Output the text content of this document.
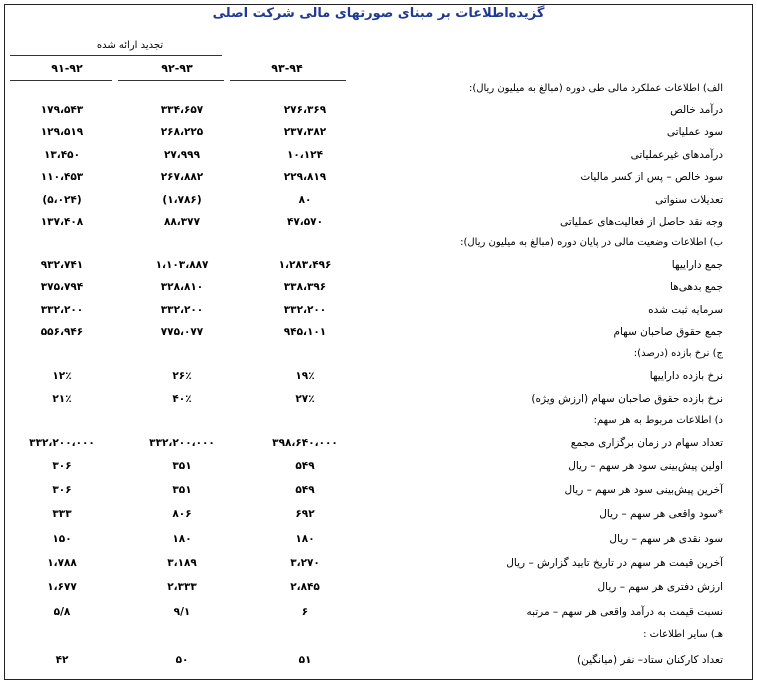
گزیده‌اطلاعات بر مبنای صورتهای مالی شرکت اصلی
تجدید ارائه شده
۹۳-۹۴
۹۲-۹۳
۹۱-۹۲
الف) اطلاعات عملکرد مالی طی دوره (مبالغ به میلیون ریال):
درآمد خالص
۲۷۶،۳۶۹
۳۳۴،۶۵۷
۱۷۹،۵۴۳
سود عملیاتی
۲۳۷،۳۸۲
۲۶۸،۲۲۵
۱۲۹،۵۱۹
درآمدهای غیرعملیاتی
۱۰،۱۲۴
۲۷،۹۹۹
۱۳،۴۵۰
سود خالص – پس از کسر مالیات
۲۲۹،۸۱۹
۲۶۷،۸۸۲
۱۱۰،۴۵۳
تعدیلات سنواتی
۸۰
(۱،۷۸۶)
(۵،۰۲۴)
وجه نقد حاصل از فعالیت‌های عملیاتی
۴۷،۵۷۰
۸۸،۳۷۷
۱۳۷،۴۰۸
ب) اطلاعات وضعیت مالی در پایان دوره (مبالغ به میلیون ریال):
جمع داراییها
۱،۲۸۳،۴۹۶
۱،۱۰۳،۸۸۷
۹۳۲،۷۴۱
جمع بدهی‌ها
۳۳۸،۳۹۶
۳۲۸،۸۱۰
۳۷۵،۷۹۴
سرمایه ثبت شده
۳۳۲،۲۰۰
۳۳۲،۲۰۰
۳۳۲،۲۰۰
جمع حقوق صاحبان سهام
۹۴۵،۱۰۱
۷۷۵،۰۷۷
۵۵۶،۹۴۶
ج) نرخ بازده (درصد):
نرخ بازده داراییها
۱۹٪
۲۶٪
۱۲٪
نرخ بازده حقوق صاحبان سهام (ارزش ویژه)
۲۷٪
۴۰٪
۲۱٪
د) اطلاعات مربوط به هر سهم:
تعداد سهام در زمان برگزاری مجمع
۳۹۸،۶۴۰،۰۰۰
۳۳۲،۲۰۰،۰۰۰
۳۳۲،۲۰۰،۰۰۰
اولین پیش‌بینی سود هر سهم – ریال
۵۴۹
۳۵۱
۳۰۶
آخرین پیش‌بینی سود هر سهم – ریال
۵۴۹
۳۵۱
۳۰۶
*سود واقعی هر سهم – ریال
۶۹۲
۸۰۶
۳۳۳
سود نقدی هر سهم – ریال
۱۸۰
۱۸۰
۱۵۰
آخرین قیمت هر سهم در تاریخ تایید گزارش – ریال
۳،۲۷۰
۳،۱۸۹
۱،۷۸۸
ارزش دفتری هر سهم – ریال
۲،۸۴۵
۲،۳۳۳
۱،۶۷۷
نسبت قیمت به درآمد واقعی هر سهم – مرتبه
۶
۹/۱
۵/۸
هـ) سایر اطلاعات :
تعداد کارکنان ستاد– نفر (میانگین)
۵۱
۵۰
۴۲
